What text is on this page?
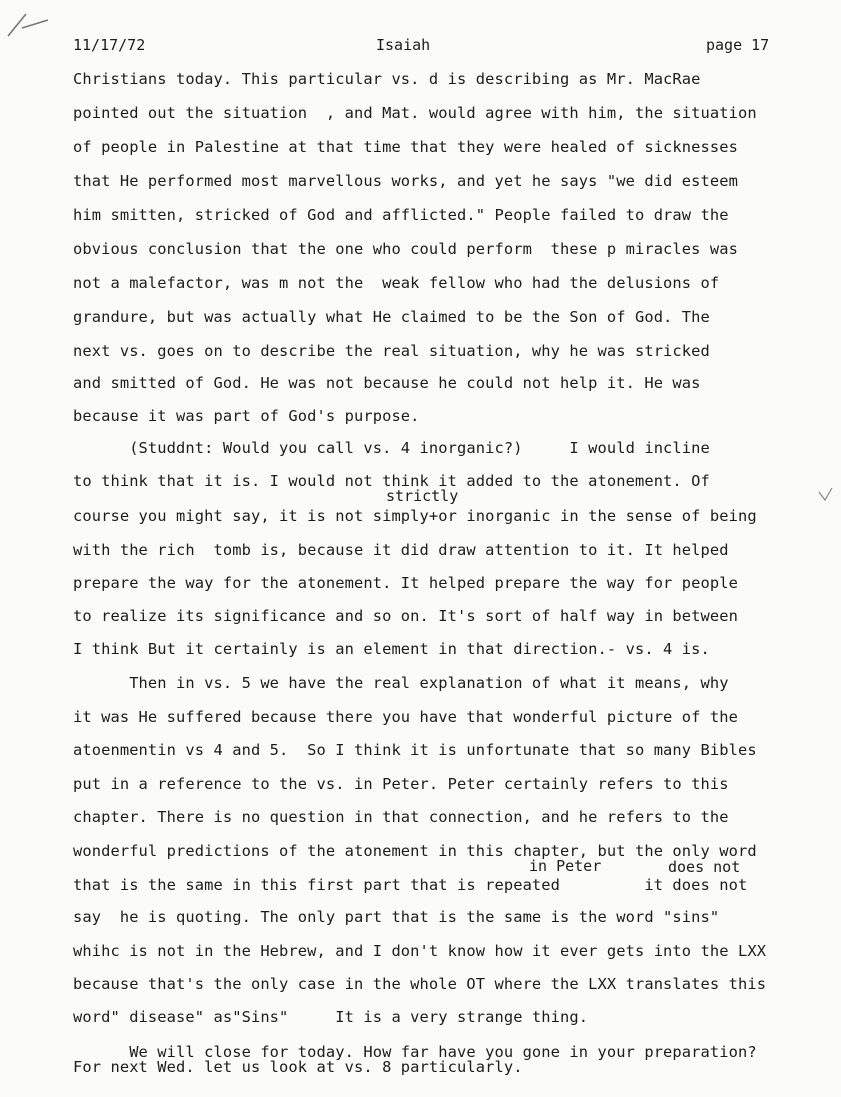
11/17/72	Isaiah	page 17
strictly
in Peter	does not
Christians today. This particular vs. d is describing as Mr. MacRae
pointed out the situation  , and Mat. would agree with him, the situation
of people in Palestine at that time that they were healed of sicknesses
that He performed most marvellous works, and yet he says "we did esteem
him smitten, stricked of God and afflicted." People failed to draw the
obvious conclusion that the one who could perform  these p miracles was
not a malefactor, was m not the  weak fellow who had the delusions of
grandure, but was actually what He claimed to be the Son of God. The
next vs. goes on to describe the real situation, why he was stricked
and smitted of God. He was not because he could not help it. He was
because it was part of God's purpose.
(Studdnt: Would you call vs. 4 inorganic?)     I would incline
to think that it is. I would not think it added to the atonement. Of
course you might say, it is not simply+or inorganic in the sense of being
with the rich  tomb is, because it did draw attention to it. It helped
prepare the way for the atonement. It helped prepare the way for people
to realize its significance and so on. It's sort of half way in between
I think But it certainly is an element in that direction.- vs. 4 is.
Then in vs. 5 we have the real explanation of what it means, why
it was He suffered because there you have that wonderful picture of the
atoenmentin vs 4 and 5.  So I think it is unfortunate that so many Bibles
put in a reference to the vs. in Peter. Peter certainly refers to this
chapter. There is no question in that connection, and he refers to the
wonderful predictions of the atonement in this chapter, but the only word
that is the same in this first part that is repeated         it does not
say  he is quoting. The only part that is the same is the word "sins"
whihc is not in the Hebrew, and I don't know how it ever gets into the LXX
because that's the only case in the whole OT where the LXX translates this
word" disease" as"Sins"     It is a very strange thing.
We will close for today. How far have you gone in your preparation?
For next Wed. let us look at vs. 8 particularly.
